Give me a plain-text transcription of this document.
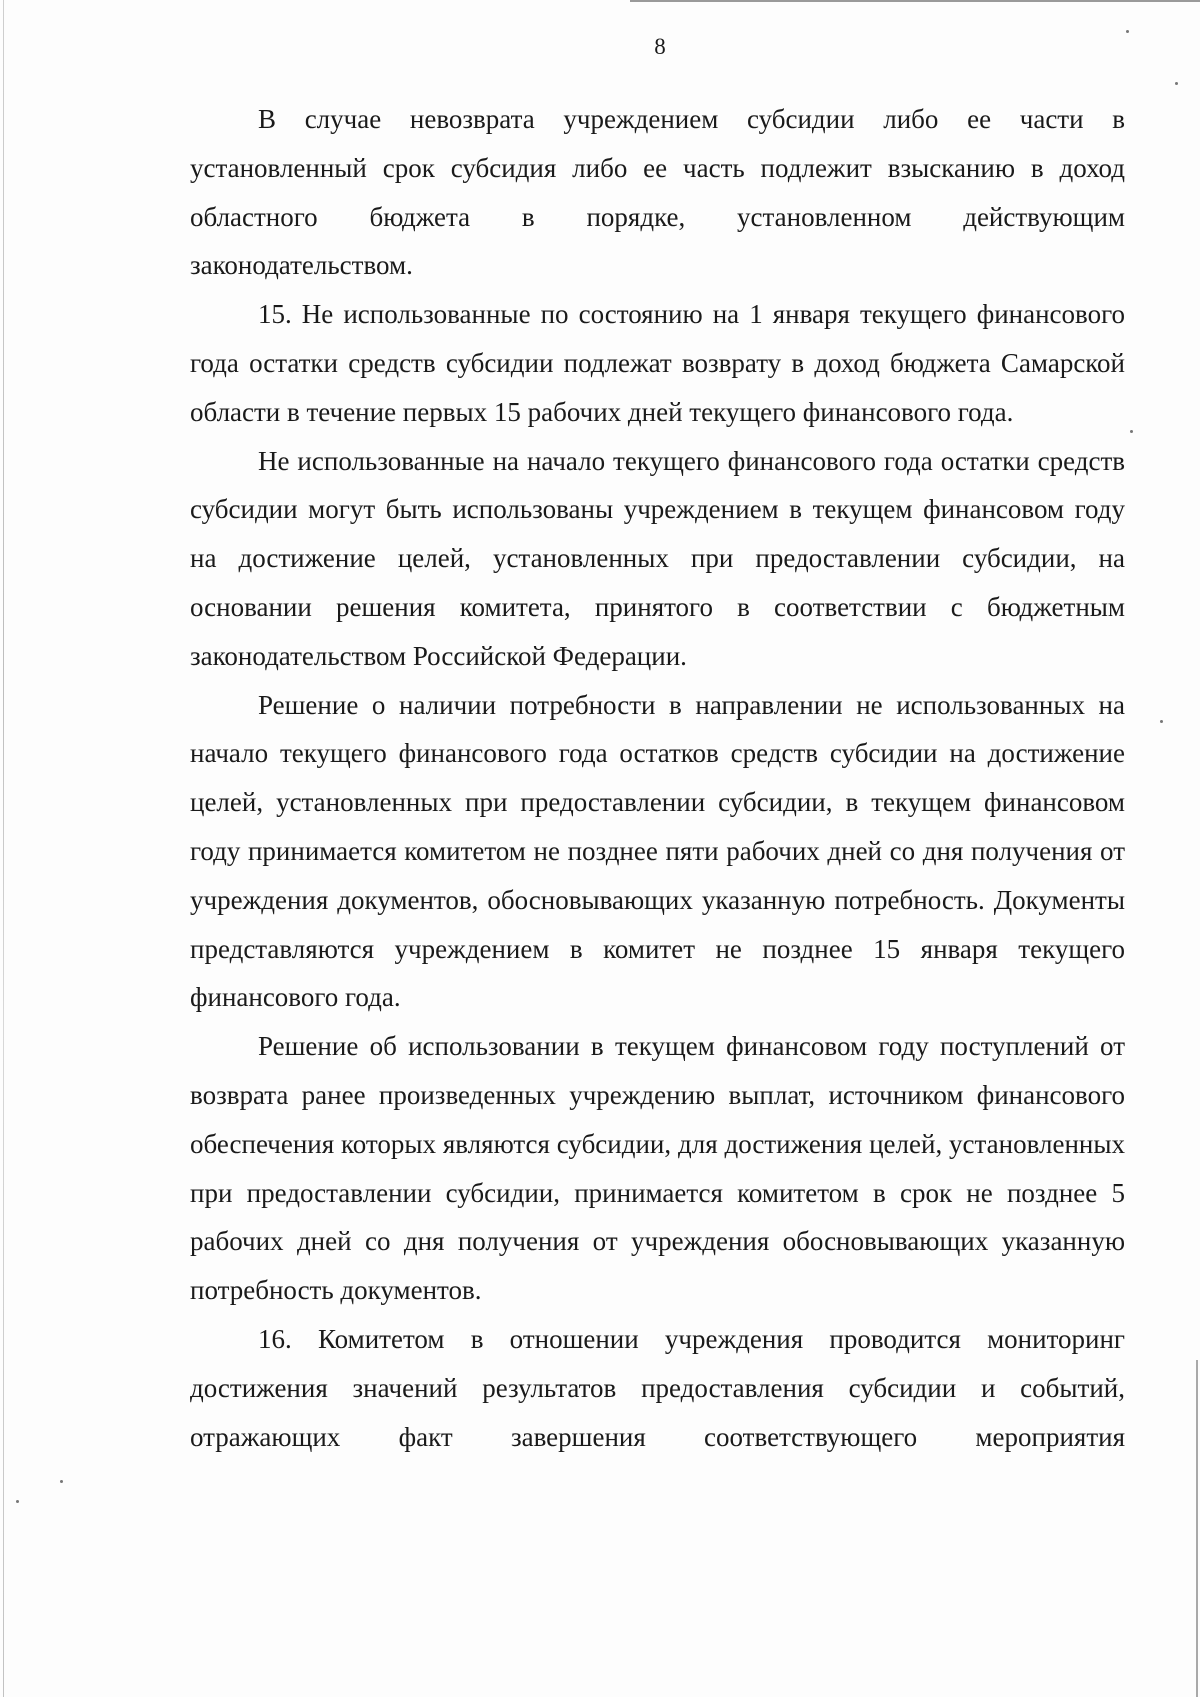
8

В случае невозврата учреждением субсидии либо ее части в установленный срок субсидия либо ее часть подлежит взысканию в доход областного бюджета в порядке, установленном действующим законодательством.

15. Не использованные по состоянию на 1 января текущего финансового года остатки средств субсидии подлежат возврату в доход бюджета Самарской области в течение первых 15 рабочих дней текущего финансового года.

Не использованные на начало текущего финансового года остатки средств субсидии могут быть использованы учреждением в текущем финансовом году на достижение целей, установленных при предоставлении субсидии, на основании решения комитета, принятого в соответствии с бюджетным законодательством Российской Федерации.

Решение о наличии потребности в направлении не использованных на начало текущего финансового года остатков средств субсидии на достижение целей, установленных при предоставлении субсидии, в текущем финансовом году принимается комитетом не позднее пяти рабочих дней со дня получения от учреждения документов, обосновывающих указанную потребность. Документы представляются учреждением в комитет не позднее 15 января текущего финансового года.

Решение об использовании в текущем финансовом году поступлений от возврата ранее произведенных учреждению выплат, источником финансового обеспечения которых являются субсидии, для достижения целей, установленных при предоставлении субсидии, принимается комитетом в срок не позднее 5 рабочих дней со дня получения от учреждения обосновывающих указанную потребность документов.

16. Комитетом в отношении учреждения проводится мониторинг достижения значений результатов предоставления субсидии и событий, отражающих факт завершения соответствующего мероприятия
